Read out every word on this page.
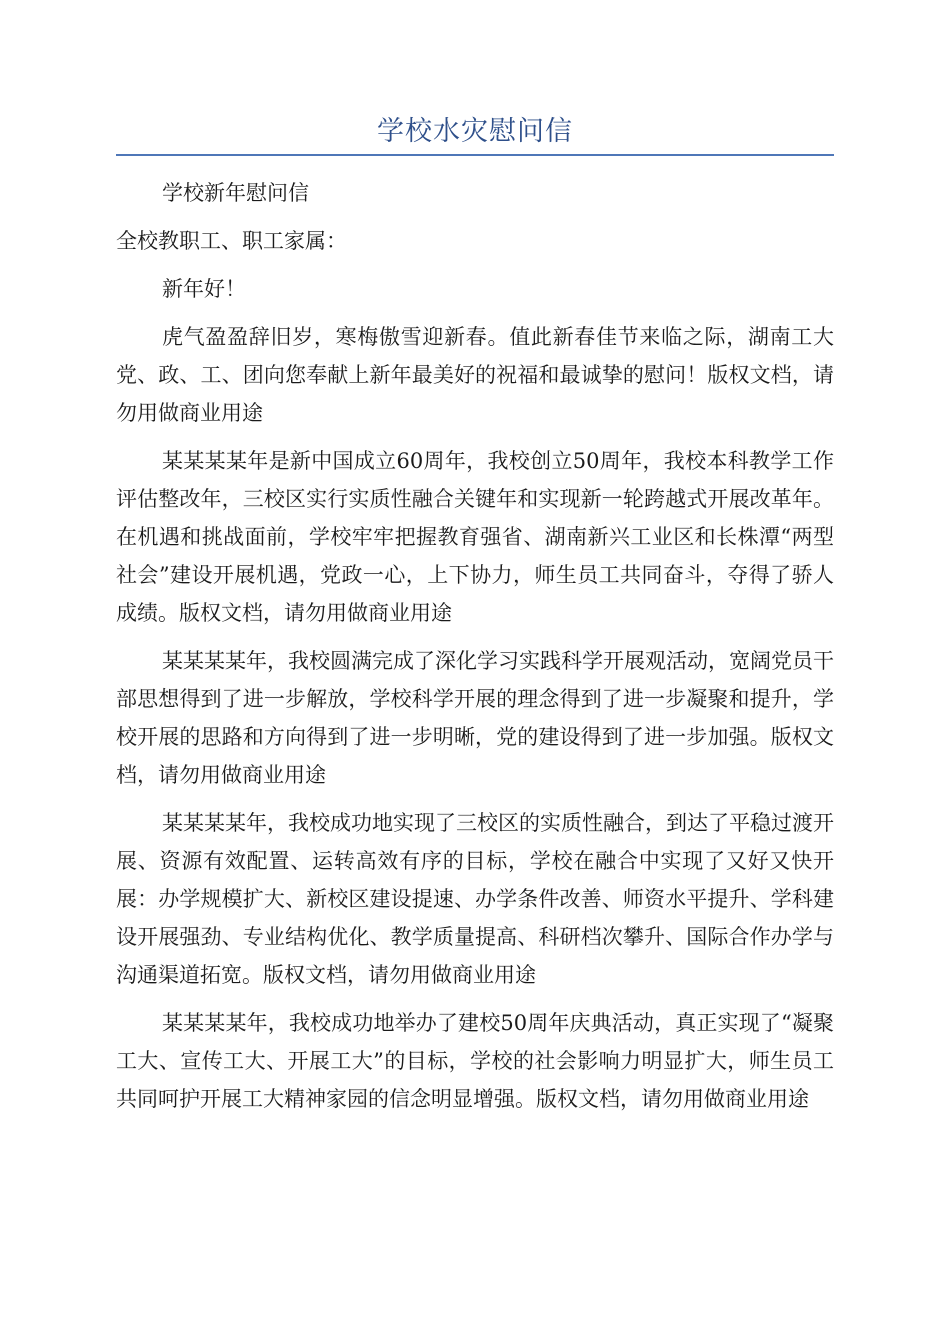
学校水灾慰问信

学校新年慰问信

全校教职工、职工家属：

新年好！

虎气盈盈辞旧岁，寒梅傲雪迎新春。值此新春佳节来临之际，湖南工大党、政、工、团向您奉献上新年最美好的祝福和最诚挚的慰问！版权文档，请勿用做商业用途

某某某某年是新中国成立60周年，我校创立50周年，我校本科教学工作评估整改年，三校区实行实质性融合关键年和实现新一轮跨越式开展改革年。在机遇和挑战面前，学校牢牢把握教育强省、湖南新兴工业区和长株潭“两型社会”建设开展机遇，党政一心，上下协力，师生员工共同奋斗，夺得了骄人成绩。版权文档，请勿用做商业用途

某某某某年，我校圆满完成了深化学习实践科学开展观活动，宽阔党员干部思想得到了进一步解放，学校科学开展的理念得到了进一步凝聚和提升，学校开展的思路和方向得到了进一步明晰，党的建设得到了进一步加强。版权文档，请勿用做商业用途

某某某某年，我校成功地实现了三校区的实质性融合，到达了平稳过渡开展、资源有效配置、运转高效有序的目标，学校在融合中实现了又好又快开展：办学规模扩大、新校区建设提速、办学条件改善、师资水平提升、学科建设开展强劲、专业结构优化、教学质量提高、科研档次攀升、国际合作办学与沟通渠道拓宽。版权文档，请勿用做商业用途

某某某某年，我校成功地举办了建校50周年庆典活动，真正实现了“凝聚工大、宣传工大、开展工大”的目标，学校的社会影响力明显扩大，师生员工共同呵护开展工大精神家园的信念明显增强。版权文档，请勿用做商业用途
